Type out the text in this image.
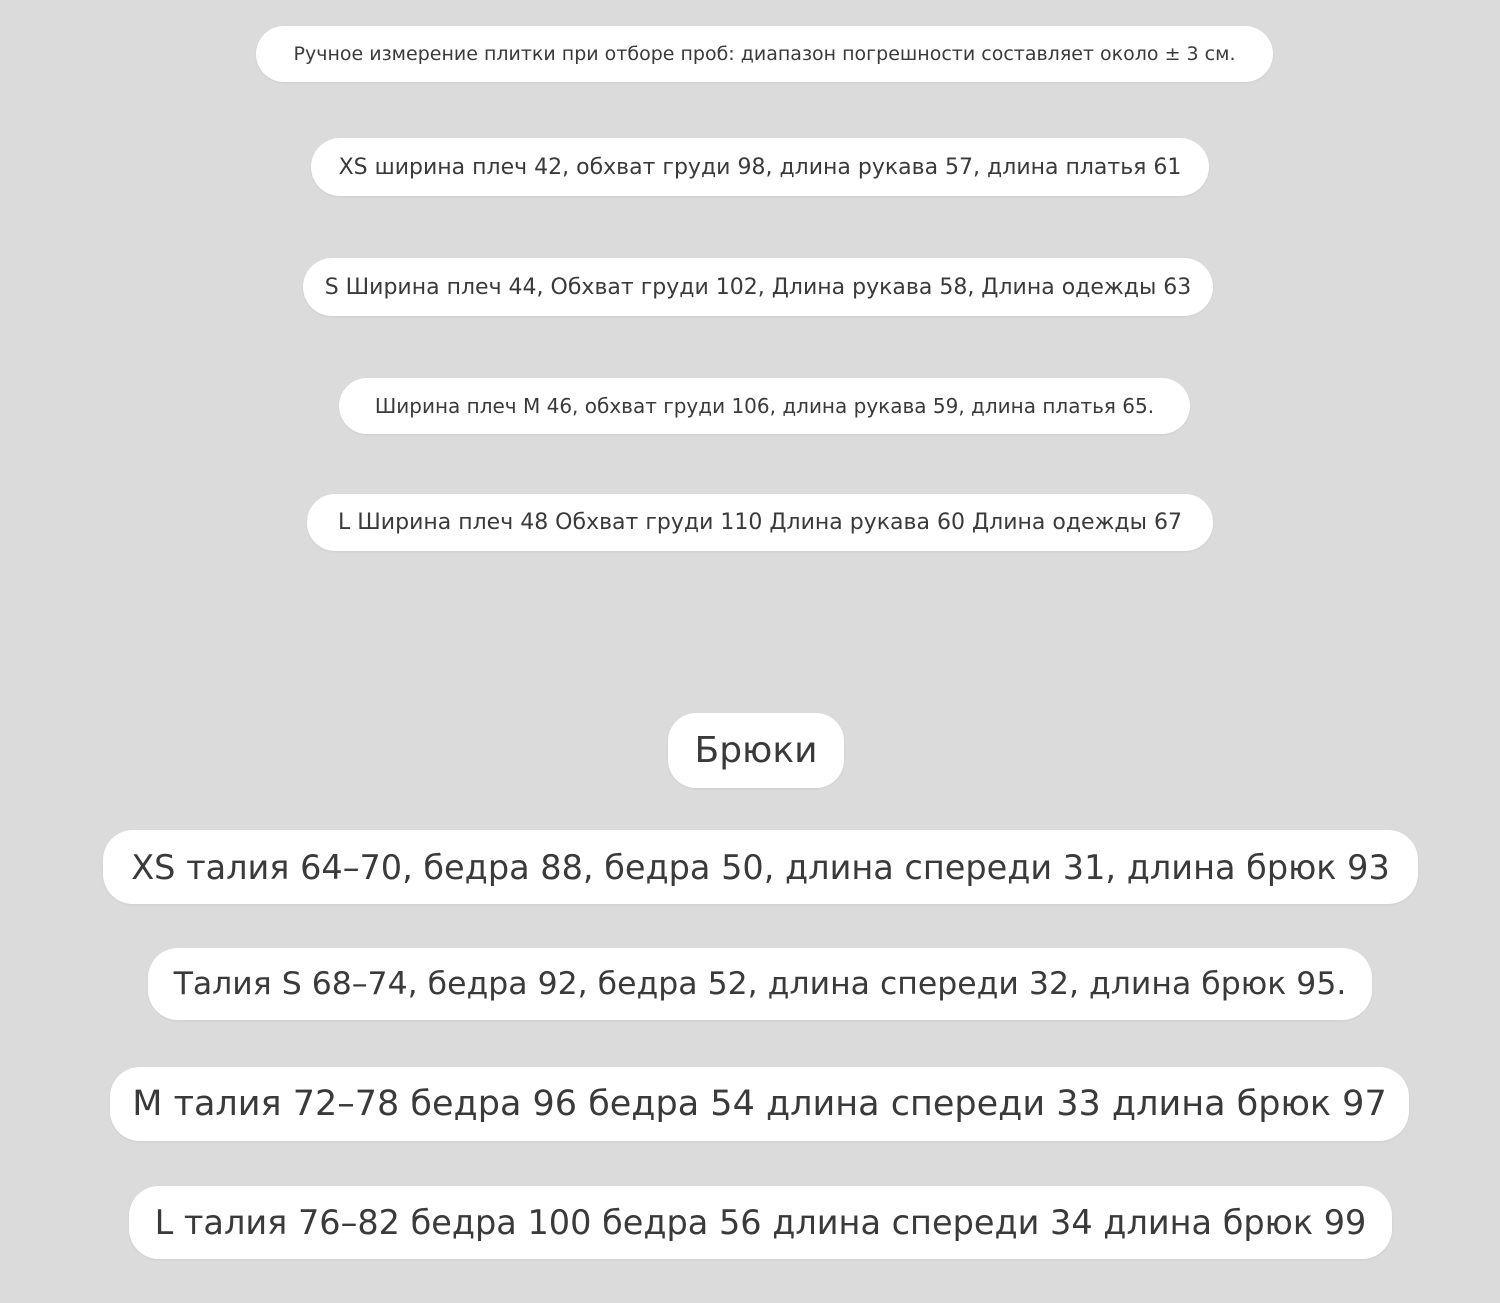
Ручное измерение плитки при отборе проб: диапазон погрешности составляет около ± 3 см.
XS ширина плеч 42, обхват груди 98, длина рукава 57, длина платья 61
S Ширина плеч 44, Обхват груди 102, Длина рукава 58, Длина одежды 63
Ширина плеч M 46, обхват груди 106, длина рукава 59, длина платья 65.
L Ширина плеч 48 Обхват груди 110 Длина рукава 60 Длина одежды 67
Брюки
XS талия 64–70, бедра 88, бедра 50, длина спереди 31, длина брюк 93
Талия S 68–74, бедра 92, бедра 52, длина спереди 32, длина брюк 95.
M талия 72–78 бедра 96 бедра 54 длина спереди 33 длина брюк 97
L талия 76–82 бедра 100 бедра 56 длина спереди 34 длина брюк 99
